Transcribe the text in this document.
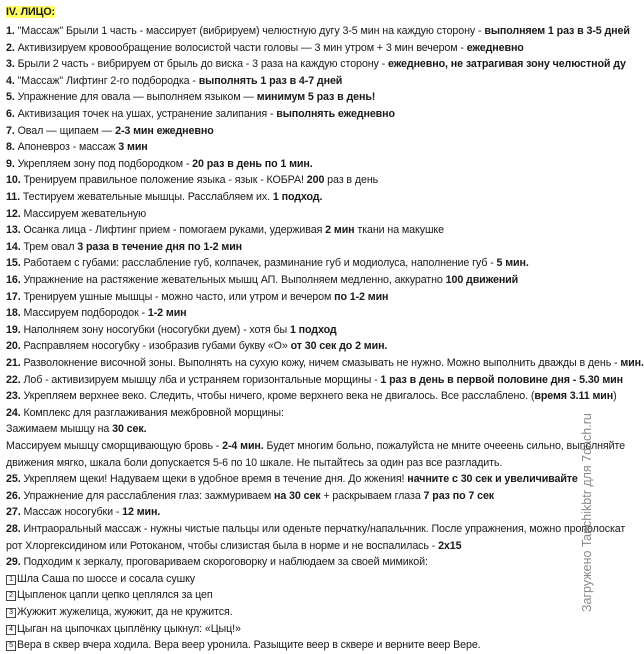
IV. ЛИЦО:
1. "Массаж" Брыли 1 часть - массирует (вибрируем) челюстную дугу 3-5 мин на каждую сторону - выполняем 1 раз в 3-5 дней
2. Активизируем кровообращение волосистой части головы — 3 мин утром + 3 мин вечером - ежедневно
3. Брыли 2 часть - вибрируем от брыль до виска - 3 раза на каждую сторону - ежедневно, не затрагивая зону челюстной ду
4. "Массаж" Лифтинг 2-го подбородка - выполнять 1 раз в 4-7 дней
5. Упражнение для овала — выполняем языком — минимум 5 раз в день!
6. Активизация точек на ушах, устранение залипания - выполнять ежедневно
7. Овал — щипаем — 2-3 мин ежедневно
8. Апоневроз - массаж 3 мин
9. Укрепляем зону под подбородком - 20 раз в день по 1 мин.
10. Тренируем правильное положение языка - язык - КОБРА! 200 раз в день
11. Тестируем жевательные мышцы. Расслабляем их. 1 подход.
12. Массируем жевательную
13. Осанка лица - Лифтинг прием - помогаем руками, удерживая 2 мин ткани на макушке
14. Трем овал 3 раза в течение дня по 1-2 мин
15. Работаем с губами: расслабление губ, колпачек, разминание губ и модиолуса, наполнение губ - 5 мин.
16. Упражнение на растяжение жевательных мышц АП. Выполняем медленно, аккуратно 100 движений
17. Тренируем ушные мышцы - можно часто, или утром и вечером по 1-2 мин
18. Массируем подбородок - 1-2 мин
19. Наполняем зону носогубки (носогубки дуем) - хотя бы 1 подход
20. Расправляем носогубку - изобразив губами букву «О» от 30 сек до 2 мин.
21. Разволокнение височной зоны. Выполнять на сухую кожу, ничем смазывать не нужно. Можно выполнить дважды в день - мин.
22. Лоб - активизируем мышцу лба и устраняем горизонтальные морщины - 1 раз в день в первой половине дня - 5.30 мин
23. Укрепляем верхнее веко. Следить, чтобы ничего, кроме верхнего века не двигалось. Все расслаблено. (время 3.11 мин)
24. Комплекс для разглаживания межбровной морщины:
Зажимаем мышцу на 30 сек.
Массируем мышцу сморщивающую бровь - 2-4 мин. Будет многим больно, пожалуйста не мните очееень сильно, выполняйте
движения мягко, шкала боли допускается 5-6 по 10 шкале. Не пытайтесь за один раз все разгладить.
25. Укрепляем щеки! Надуваем щеки в удобное время в течение дня. До жжения! начните с 30 сек и увеличивайте
26. Упражнение для расслабления глаз: зажмуриваем на 30 сек + раскрываем глаза 7 раз по 7 сек
27. Массаж носогубки - 12 мин.
28. Интраоральный массаж - нужны чистые пальцы или оденьте перчатку/напальчник. После упражнения, можно прополоскат
рот Хлоргексидином или Ротоканом, чтобы слизистая была в норме и не воспалилась - 2х15
29. Подходим к зеркалу, проговариваем скороговорку и наблюдаем за своей мимикой:
1 Шла Саша по шоссе и сосала сушку
2 Цыпленок цапли цепко цеплялся за цеп
3 Жужжит жужелица, жужжит, да не кружится.
4 Цыган на цыпочках цыплёнку цыкнул: «Цыц!»
5 Вера в сквер вчера ходила. Вера веер уронила. Разыщите веер в сквере и верните веер Вере.
Загружено Tanchikbtr для 7dach.ru
